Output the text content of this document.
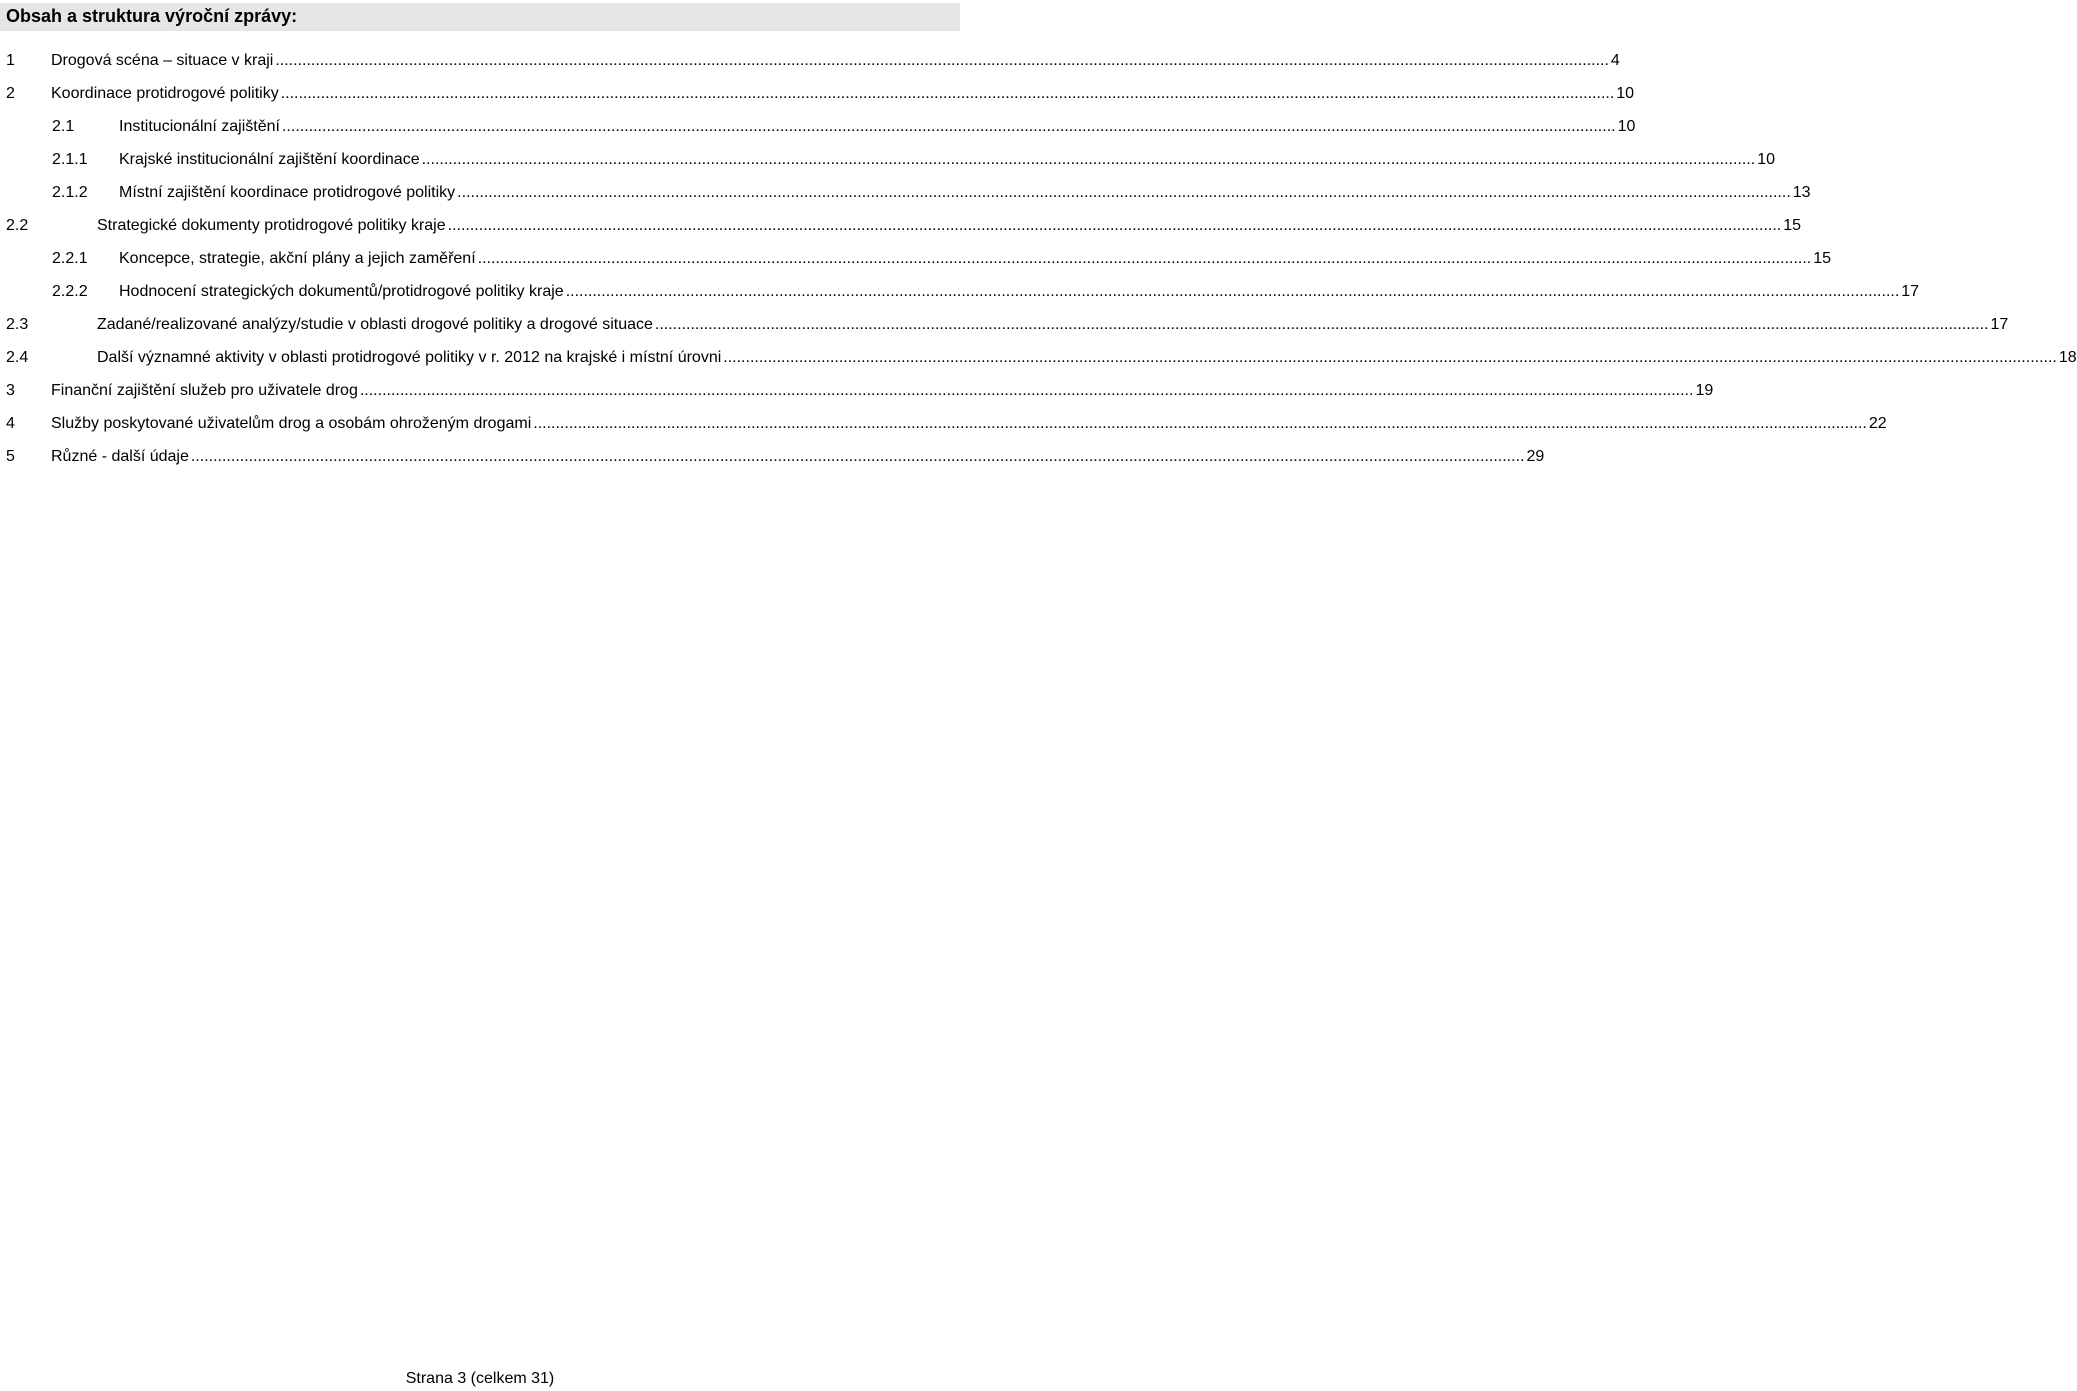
Obsah a struktura výroční zprávy:
1 Drogová scéna – situace v kraji ............................................................................................................................................................................................................................................................................................................ 4
2 Koordinace protidrogové politiky ............................................................................................................................................................................................................................................................................................................ 10
2.1	Institucionální zajištění ............................................................................................................................................................................................................................................................................................................ 10
2.1.1 Krajské institucionální zajištění koordinace ............................................................................................................................................................................................................................................................................................................ 10
2.1.2 Místní zajištění koordinace protidrogové politiky ............................................................................................................................................................................................................................................................................................................ 13
2.2	Strategické dokumenty protidrogové politiky kraje ............................................................................................................................................................................................................................................................................................................ 15
2.2.1 Koncepce, strategie, akční plány a jejich zaměření ............................................................................................................................................................................................................................................................................................................ 15
2.2.2 Hodnocení strategických dokumentů/protidrogové politiky kraje ............................................................................................................................................................................................................................................................................................................ 17
2.3	Zadané/realizované analýzy/studie v oblasti drogové politiky a drogové situace ............................................................................................................................................................................................................................................................................................................ 17
2.4	Další významné aktivity v oblasti protidrogové politiky v r. 2012 na krajské i místní úrovni ............................................................................................................................................................................................................................................................................................................ 18
3 Finanční zajištění služeb pro uživatele drog ............................................................................................................................................................................................................................................................................................................ 19
4 Služby poskytované uživatelům drog a osobám ohroženým drogami ............................................................................................................................................................................................................................................................................................................ 22
5 Různé - další údaje ............................................................................................................................................................................................................................................................................................................ 29
Strana 3 (celkem 31)
